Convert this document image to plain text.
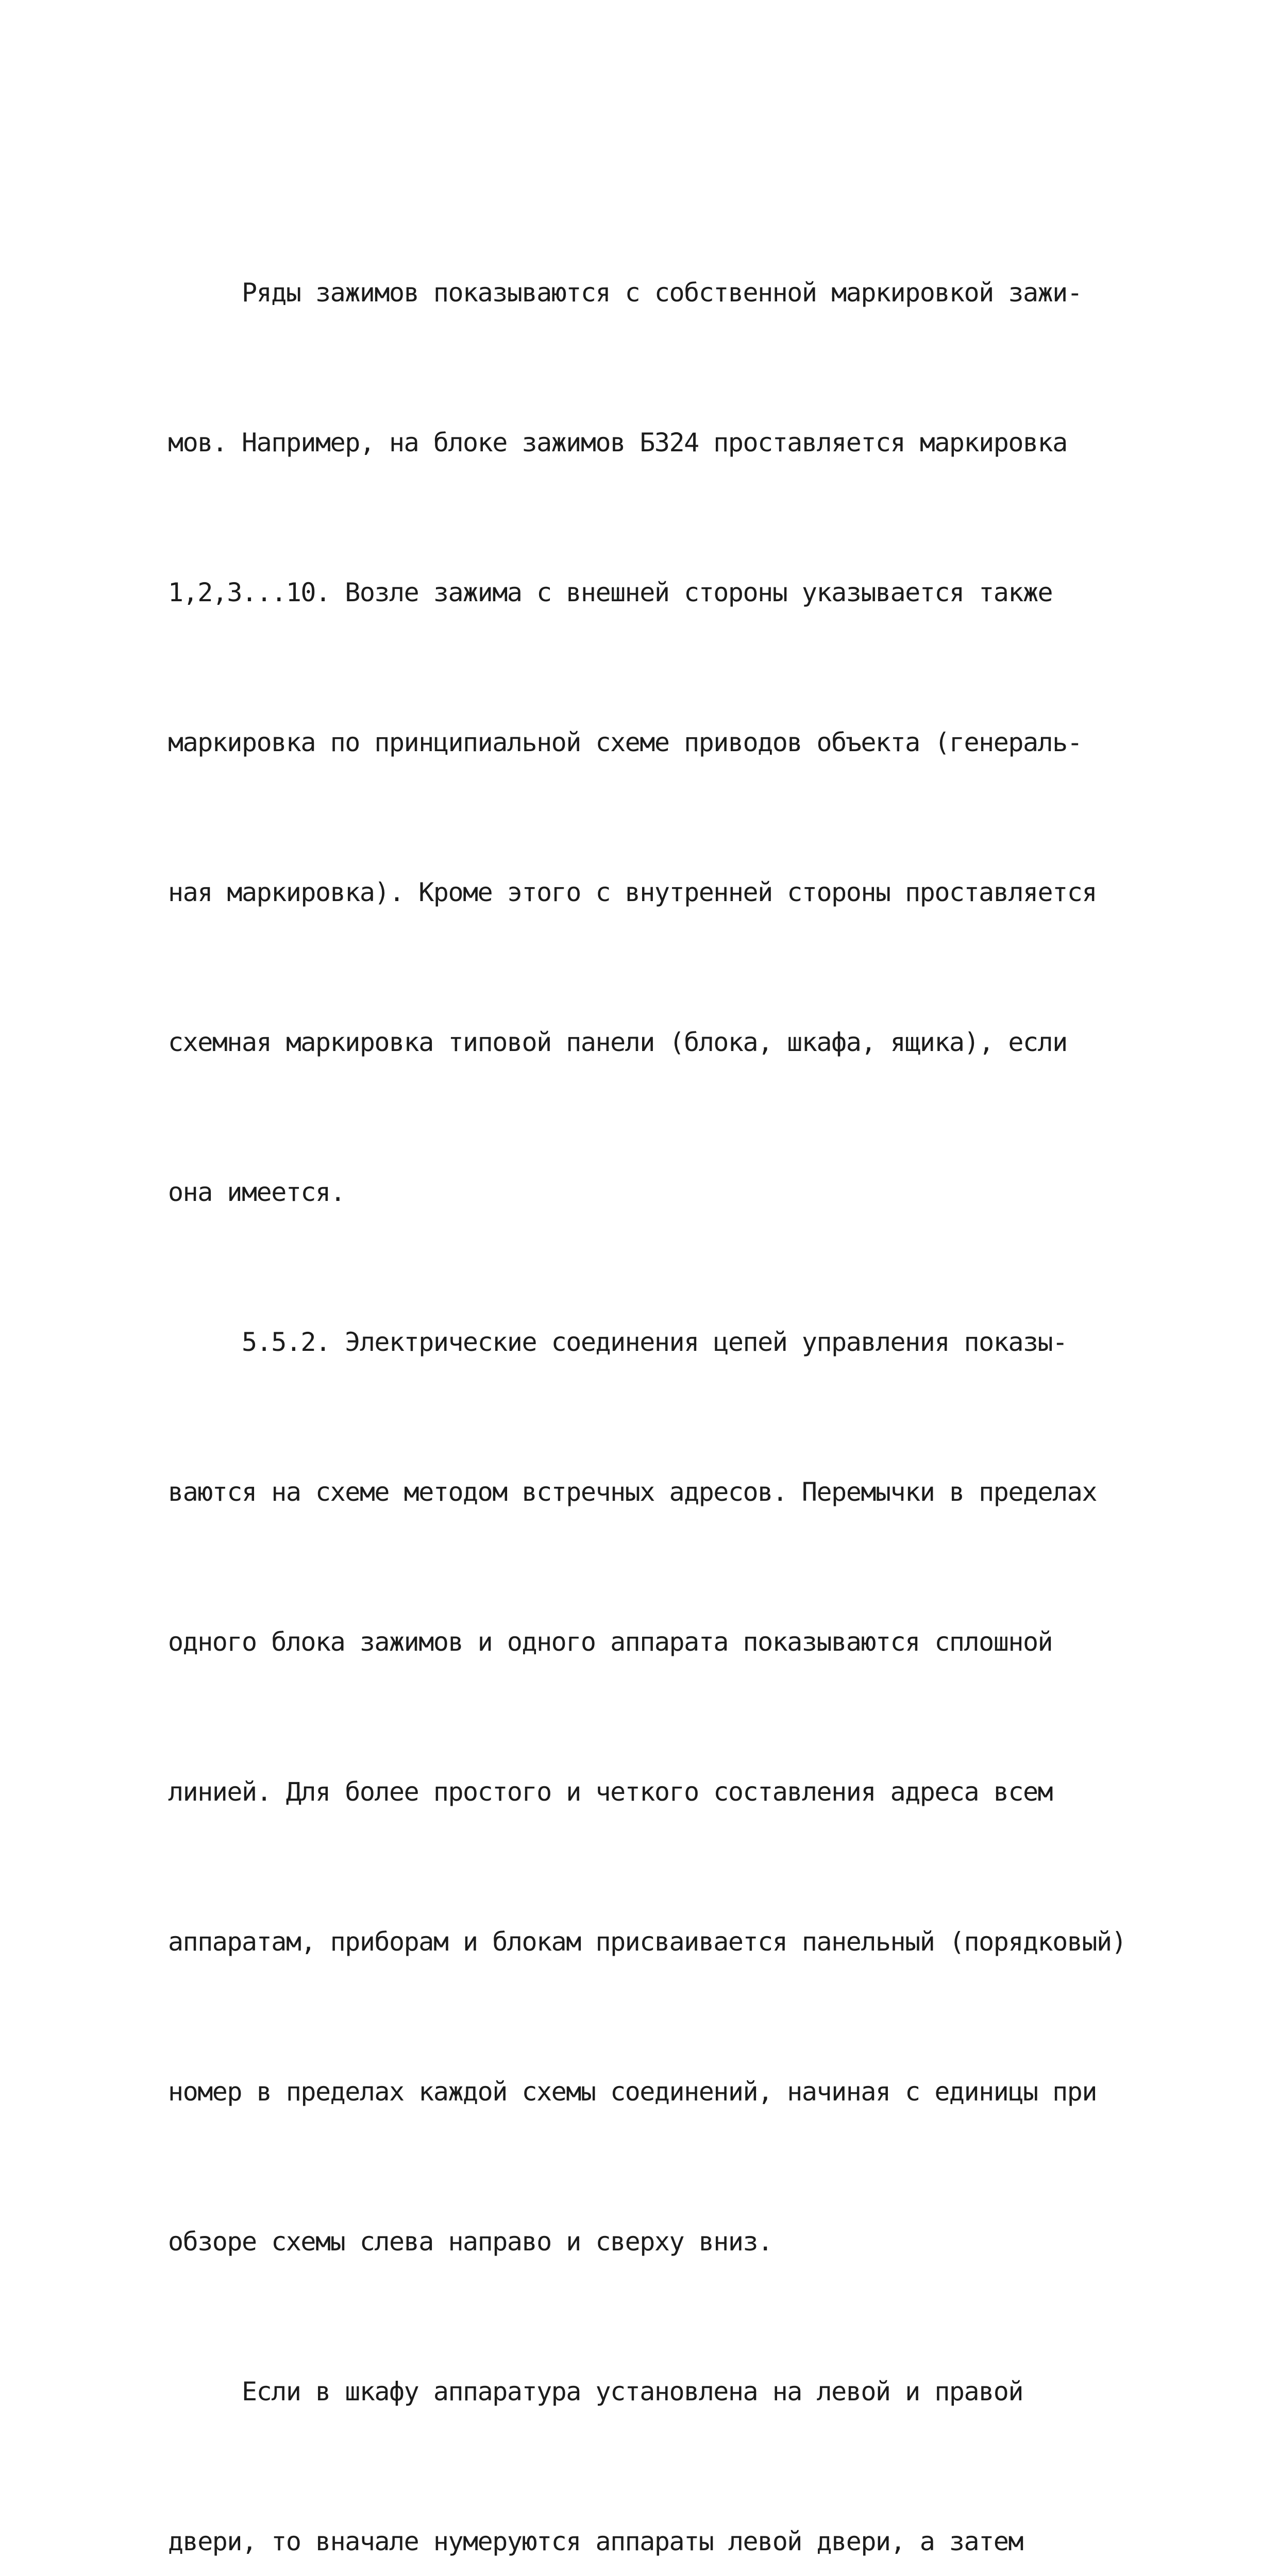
Ряды зажимов показываются с собственной маркировкой зажи-

мов. Например, на блоке зажимов БЗ24 проставляется маркировка

1,2,3...10. Возле зажима с внешней стороны указывается также

маркировка по принципиальной схеме приводов объекта (генераль-

ная маркировка). Кроме этого с внутренней стороны проставляется

схемная маркировка типовой панели (блока, шкафа, ящика), если

она имеется.

5.5.2. Электрические соединения цепей управления показы-

ваются на схеме методом встречных адресов. Перемычки в пределах

одного блока зажимов и одного аппарата показываются сплошной

линией. Для более простого и четкого составления адреса всем

аппаратам, приборам и блокам присваивается панельный (порядковый)

номер в пределах каждой схемы соединений, начиная с единицы при

обзоре схемы слева направо и сверху вниз.

Если в шкафу аппаратура установлена на левой и правой

двери, то вначале нумеруются аппараты левой двери, а затем
